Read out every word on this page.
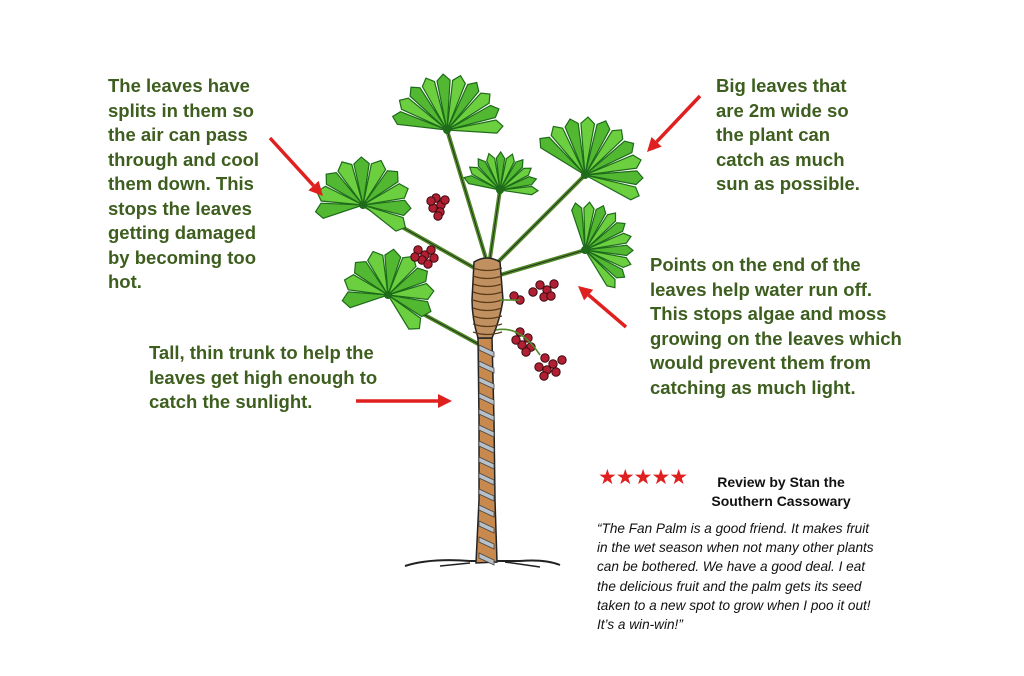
The leaves have
splits in them so
the air can pass
through and cool
them down. This
stops the leaves
getting damaged
by becoming too
hot.
Big leaves that
are 2m wide so
the plant can
catch as much
sun as possible.
Points on the end of the
leaves help water run off.
This stops algae and moss
growing on the leaves which
would prevent them from
catching as much light.
Tall, thin trunk to help the
leaves get high enough to
catch the sunlight.
★★★★★	Review by Stan the
Southern Cassowary
“The Fan Palm is a good friend. It makes fruit
in the wet season when not many other plants
can be bothered. We have a good deal. I eat
the delicious fruit and the palm gets its seed
taken to a new spot to grow when I poo it out!
It’s a win-win!”
